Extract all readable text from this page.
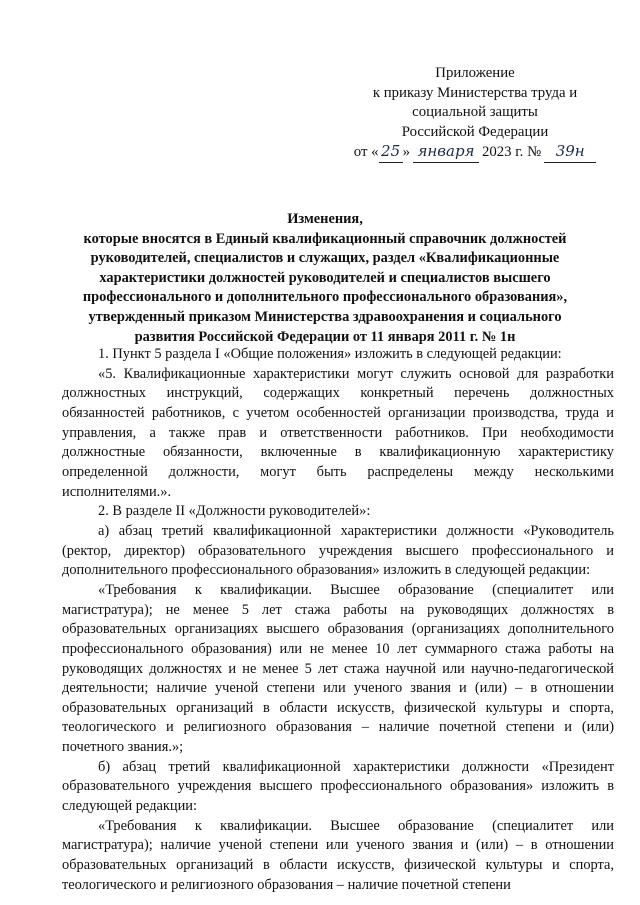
Приложение
к приказу Министерства труда и
социальной защиты
Российской Федерации
от « 25 » января 2023 г. № 39н
Изменения,
которые вносятся в Единый квалификационный справочник должностей
руководителей, специалистов и служащих, раздел «Квалификационные
характеристики должностей руководителей и специалистов высшего
профессионального и дополнительного профессионального образования»,
утвержденный приказом Министерства здравоохранения и социального
развития Российской Федерации от 11 января 2011 г. № 1н
1. Пункт 5 раздела I «Общие положения» изложить в следующей редакции:
«5. Квалификационные характеристики могут служить основой для разработки должностных инструкций, содержащих конкретный перечень должностных обязанностей работников, с учетом особенностей организации производства, труда и управления, а также прав и ответственности работников. При необходимости должностные обязанности, включенные в квалификационную характеристику определенной должности, могут быть распределены между несколькими исполнителями.».
2. В разделе II «Должности руководителей»:
а) абзац третий квалификационной характеристики должности «Руководитель (ректор, директор) образовательного учреждения высшего профессионального и дополнительного профессионального образования» изложить в следующей редакции:
«Требования к квалификации. Высшее образование (специалитет или магистратура); не менее 5 лет стажа работы на руководящих должностях в образовательных организациях высшего образования (организациях дополнительного профессионального образования) или не менее 10 лет суммарного стажа работы на руководящих должностях и не менее 5 лет стажа научной или научно-педагогической деятельности; наличие ученой степени или ученого звания и (или) – в отношении образовательных организаций в области искусств, физической культуры и спорта, теологического и религиозного образования – наличие почетной степени и (или) почетного звания.»;
б) абзац третий квалификационной характеристики должности «Президент образовательного учреждения высшего профессионального образования» изложить в следующей редакции:
«Требования к квалификации. Высшее образование (специалитет или магистратура); наличие ученой степени или ученого звания и (или) – в отношении образовательных организаций в области искусств, физической культуры и спорта, теологического и религиозного образования – наличие почетной степени
